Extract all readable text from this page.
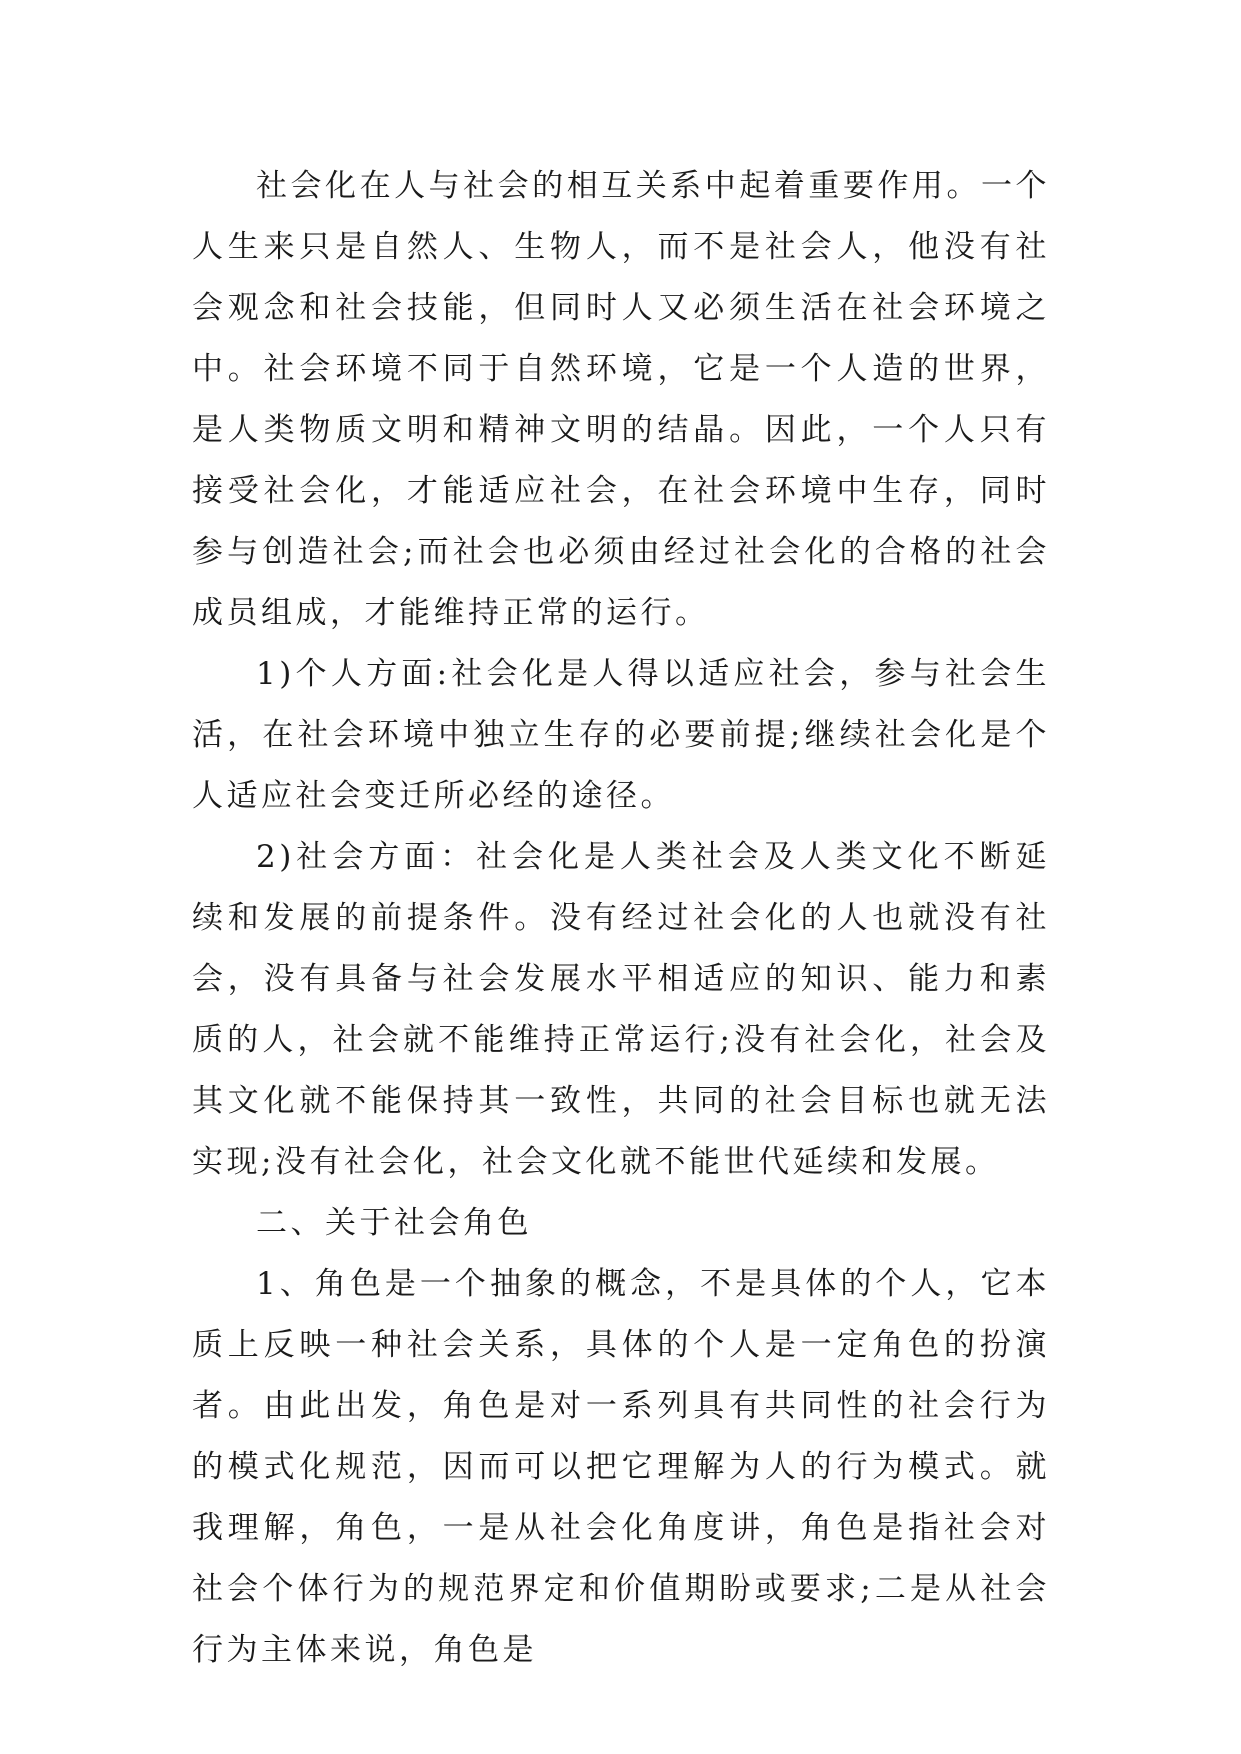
社会化在人与社会的相互关系中起着重要作用。一个人生来只是自然人、生物人，而不是社会人，他没有社会观念和社会技能，但同时人又必须生活在社会环境之中。社会环境不同于自然环境，它是一个人造的世界，是人类物质文明和精神文明的结晶。因此，一个人只有接受社会化，才能适应社会，在社会环境中生存，同时参与创造社会;而社会也必须由经过社会化的合格的社会成员组成，才能维持正常的运行。

1)个人方面:社会化是人得以适应社会，参与社会生活，在社会环境中独立生存的必要前提;继续社会化是个人适应社会变迁所必经的途径。

2)社会方面：社会化是人类社会及人类文化不断延续和发展的前提条件。没有经过社会化的人也就没有社会，没有具备与社会发展水平相适应的知识、能力和素质的人，社会就不能维持正常运行;没有社会化，社会及其文化就不能保持其一致性，共同的社会目标也就无法实现;没有社会化，社会文化就不能世代延续和发展。

二、关于社会角色

1、角色是一个抽象的概念，不是具体的个人，它本质上反映一种社会关系，具体的个人是一定角色的扮演者。由此出发，角色是对一系列具有共同性的社会行为的模式化规范，因而可以把它理解为人的行为模式。就我理解，角色，一是从社会化角度讲，角色是指社会对社会个体行为的规范界定和价值期盼或要求;二是从社会行为主体来说，角色是
